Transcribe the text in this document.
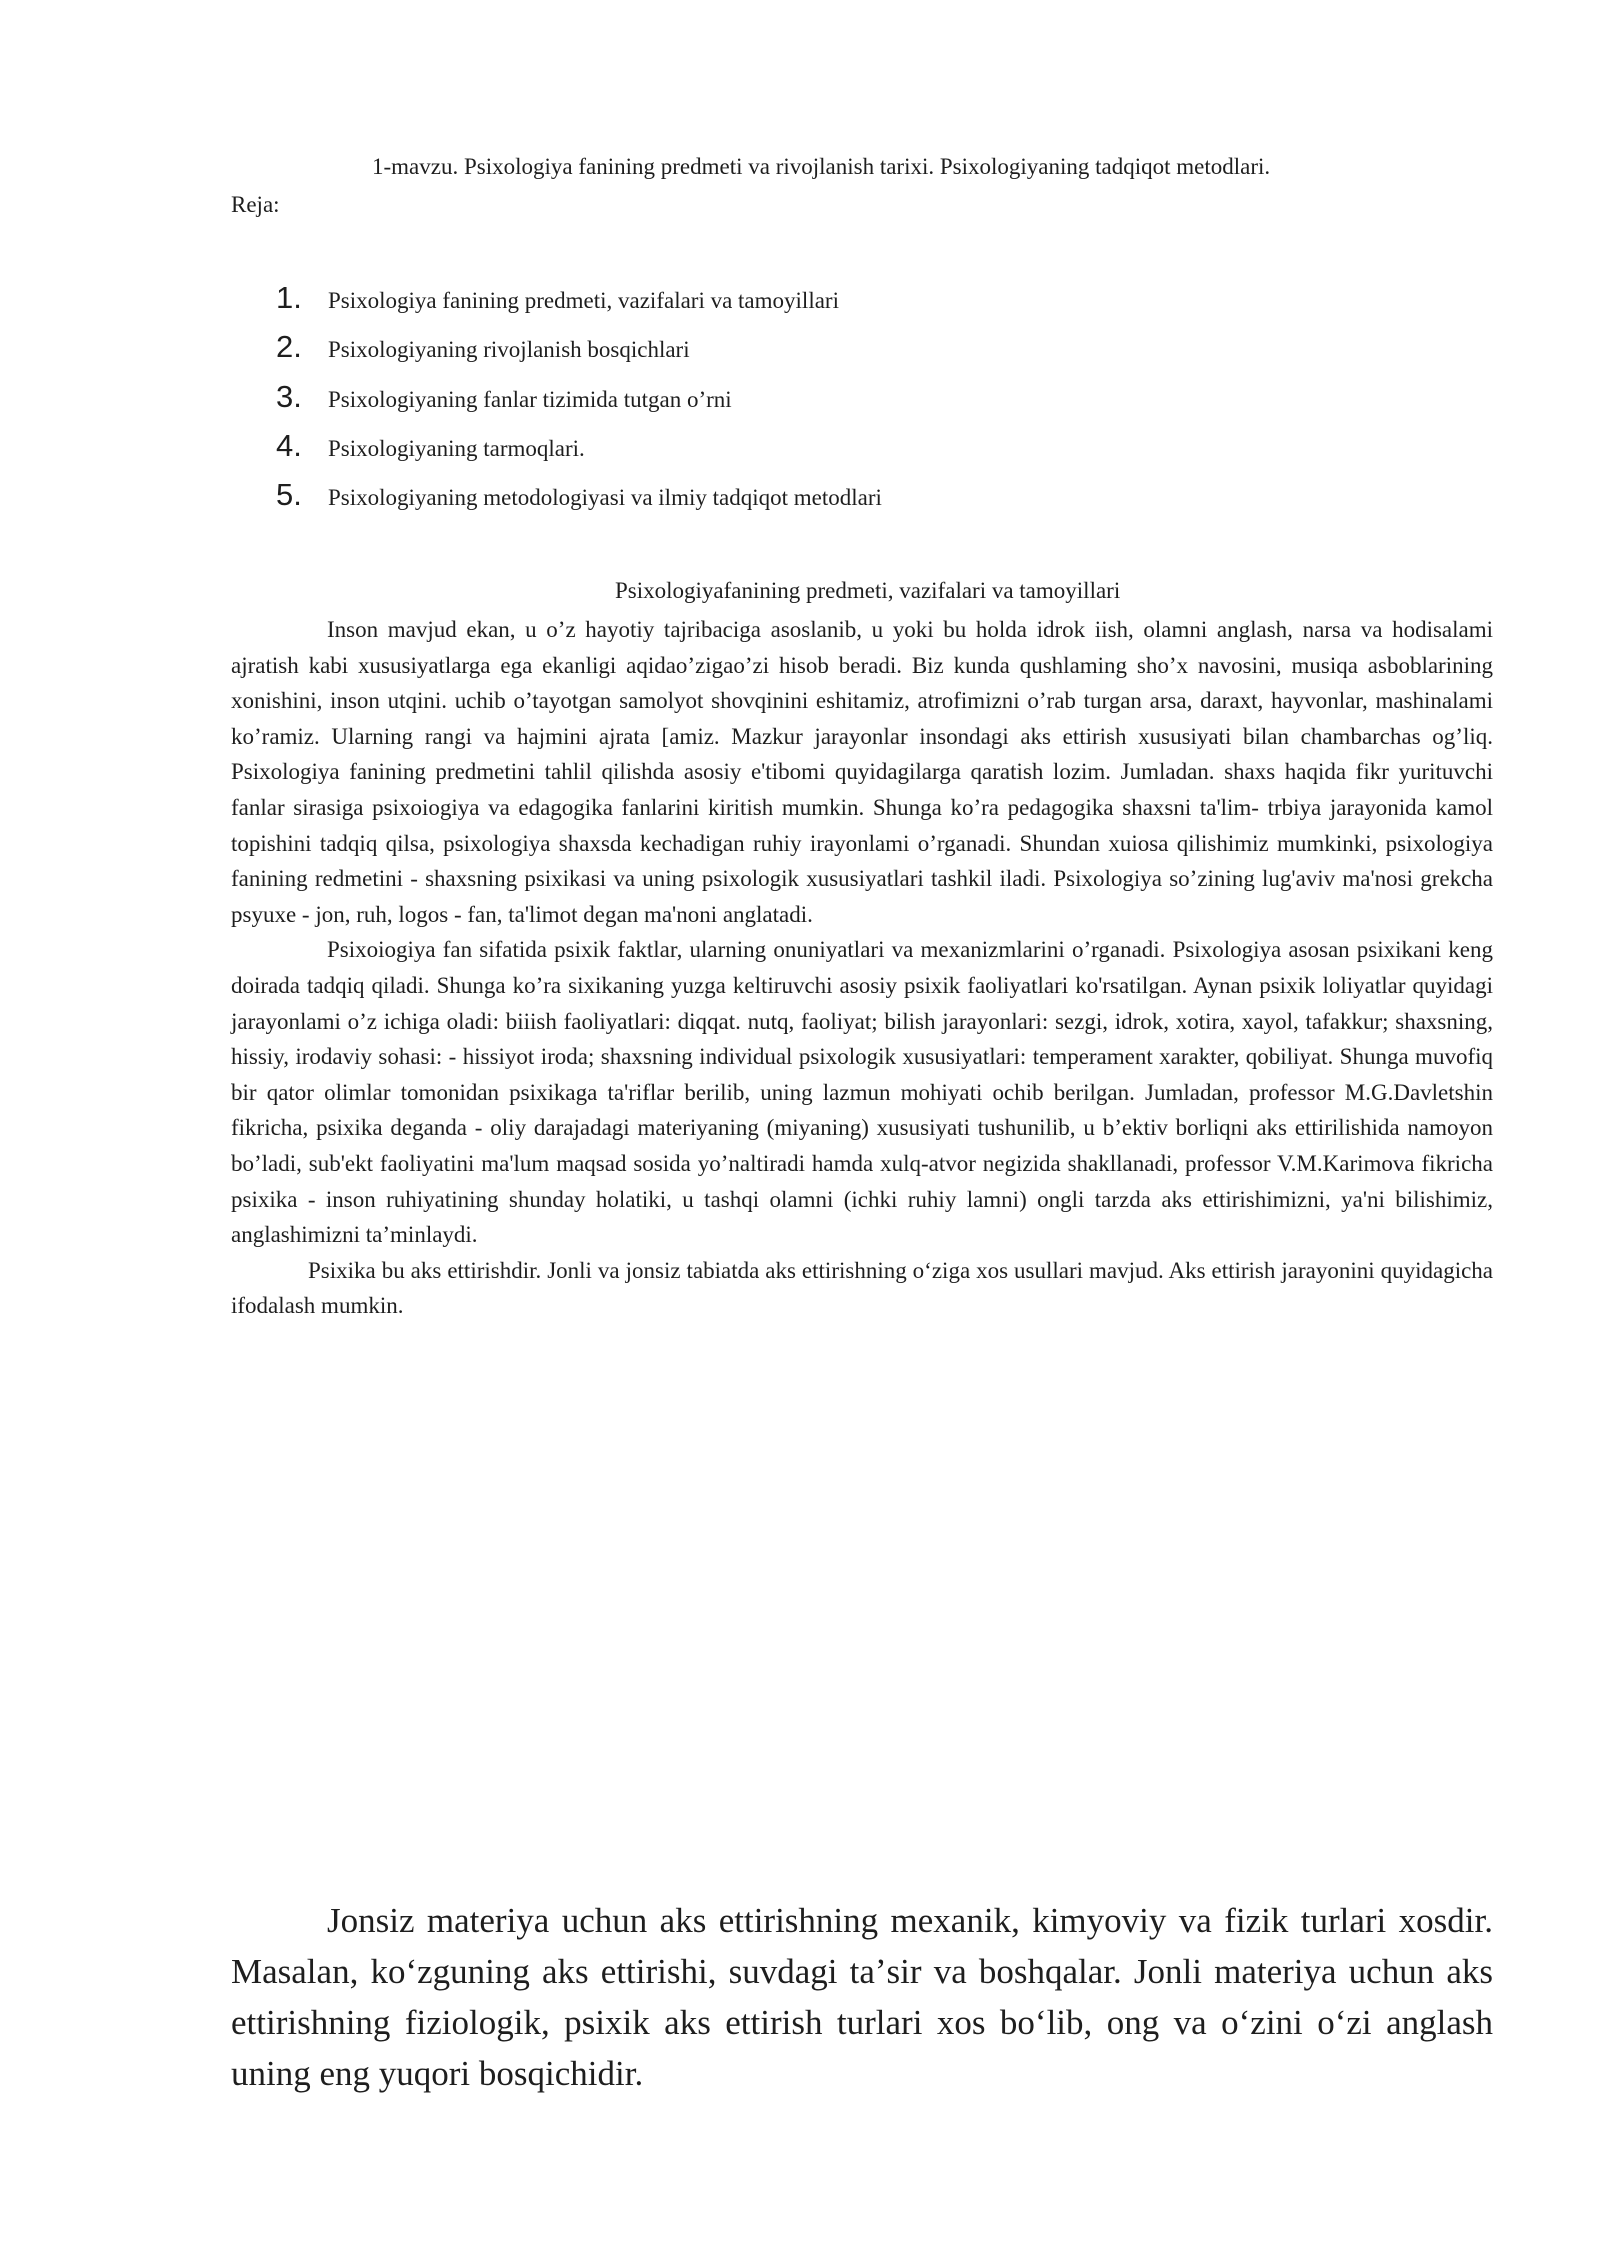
1-mavzu. Psixologiya fanining predmeti va rivojlanish tarixi. Psixologiyaning tadqiqot metodlari.
Reja:
1.	Psixologiya fanining predmeti, vazifalari va tamoyillari
2.	Psixologiyaning rivojlanish bosqichlari
3.	Psixologiyaning fanlar tizimida tutgan o’rni
4.	Psixologiyaning tarmoqlari.
5.	Psixologiyaning metodologiyasi va ilmiy tadqiqot metodlari
Psixologiyafanining predmeti, vazifalari va tamoyillari

Inson mavjud ekan, u o’z hayotiy tajribaciga asoslanib, u yoki bu holda idrok iish, olamni anglash, narsa va hodisalami ajratish kabi xususiyatlarga ega ekanligi aqidao’zigao’zi hisob beradi. Biz kunda qushlaming sho’x navosini, musiqa asboblarining xonishini, inson utqini. uchib o’tayotgan samolyot shovqinini eshitamiz, atrofimizni o’rab turgan arsa, daraxt, hayvonlar, mashinalami ko’ramiz. Ularning rangi va hajmini ajrata [amiz. Mazkur jarayonlar insondagi aks ettirish xususiyati bilan chambarchas og’liq. Psixologiya fanining predmetini tahlil qilishda asosiy e'tibomi quyidagilarga qaratish lozim. Jumladan. shaxs haqida fikr yurituvchi fanlar sirasiga psixoiogiya va edagogika fanlarini kiritish mumkin. Shunga ko’ra pedagogika shaxsni ta'lim- trbiya jarayonida kamol topishini tadqiq qilsa, psixologiya shaxsda kechadigan ruhiy irayonlami o’rganadi. Shundan xuiosa qilishimiz mumkinki, psixologiya fanining redmetini - shaxsning psixikasi va uning psixologik xususiyatlari tashkil iladi. Psixologiya so’zining lug'aviv ma'nosi grekcha psyuxe - jon, ruh, logos - fan, ta'limot degan ma'noni anglatadi.

Psixoiogiya fan sifatida psixik faktlar, ularning onuniyatlari va mexanizmlarini o’rganadi. Psixologiya asosan psixikani keng doirada tadqiq qiladi. Shunga ko’ra sixikaning yuzga keltiruvchi asosiy psixik faoliyatlari ko'rsatilgan. Aynan psixik loliyatlar quyidagi jarayonlami o’z ichiga oladi: biiish faoliyatlari: diqqat. nutq, faoliyat; bilish jarayonlari: sezgi, idrok, xotira, xayol, tafakkur; shaxsning, hissiy, irodaviy sohasi: - hissiyot iroda; shaxsning individual psixologik xususiyatlari: temperament xarakter, qobiliyat. Shunga muvofiq bir qator olimlar tomonidan psixikaga ta'riflar berilib, uning lazmun mohiyati ochib berilgan. Jumladan, professor M.G.Davletshin fikricha, psixika deganda - oliy darajadagi materiyaning (miyaning) xususiyati tushunilib, u b’ektiv borliqni aks ettirilishida namoyon bo’ladi, sub'ekt faoliyatini ma'lum maqsad sosida yo’naltiradi hamda xulq-atvor negizida shakllanadi, professor V.M.Karimova fikricha psixika - inson ruhiyatining shunday holatiki, u tashqi olamni (ichki ruhiy lamni) ongli tarzda aks ettirishimizni, ya'ni bilishimiz, anglashimizni ta’minlaydi.

Psixika bu aks ettirishdir. Jonli va jonsiz tabiatda aks ettirishning oʻziga xos usullari mavjud. Aks ettirish jarayonini quyidagicha ifodalash mumkin.

Jonsiz materiya uchun aks ettirishning mexanik, kimyoviy va fizik turlari xosdir. Masalan, koʻzguning aks ettirishi, suvdagi taʼsir va boshqalar. Jonli materiya uchun aks ettirishning fiziologik, psixik aks ettirish turlari xos boʻlib, ong va oʻzini oʻzi anglash uning eng yuqori bosqichidir.
